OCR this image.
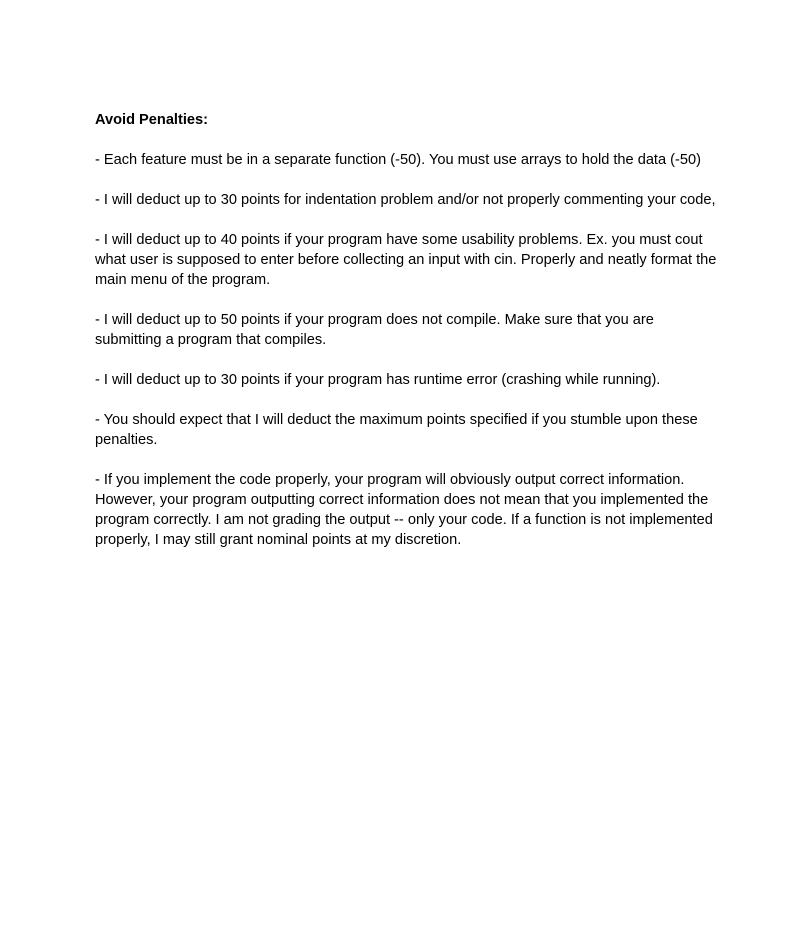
Avoid Penalties:
- Each feature must be in a separate function (-50). You must use arrays to hold the data (-50)
- I will deduct up to 30 points for indentation problem and/or not properly commenting your code,
- I will deduct up to 40 points if your program have some usability problems. Ex. you must cout
what user is supposed to enter before collecting an input with cin. Properly and neatly format the
main menu of the program.
- I will deduct up to 50 points if your program does not compile. Make sure that you are
submitting a program that compiles.
- I will deduct up to 30 points if your program has runtime error (crashing while running).
- You should expect that I will deduct the maximum points specified if you stumble upon these
penalties.
- If you implement the code properly, your program will obviously output correct information.
However, your program outputting correct information does not mean that you implemented the
program correctly. I am not grading the output -- only your code. If a function is not implemented
properly, I may still grant nominal points at my discretion.
